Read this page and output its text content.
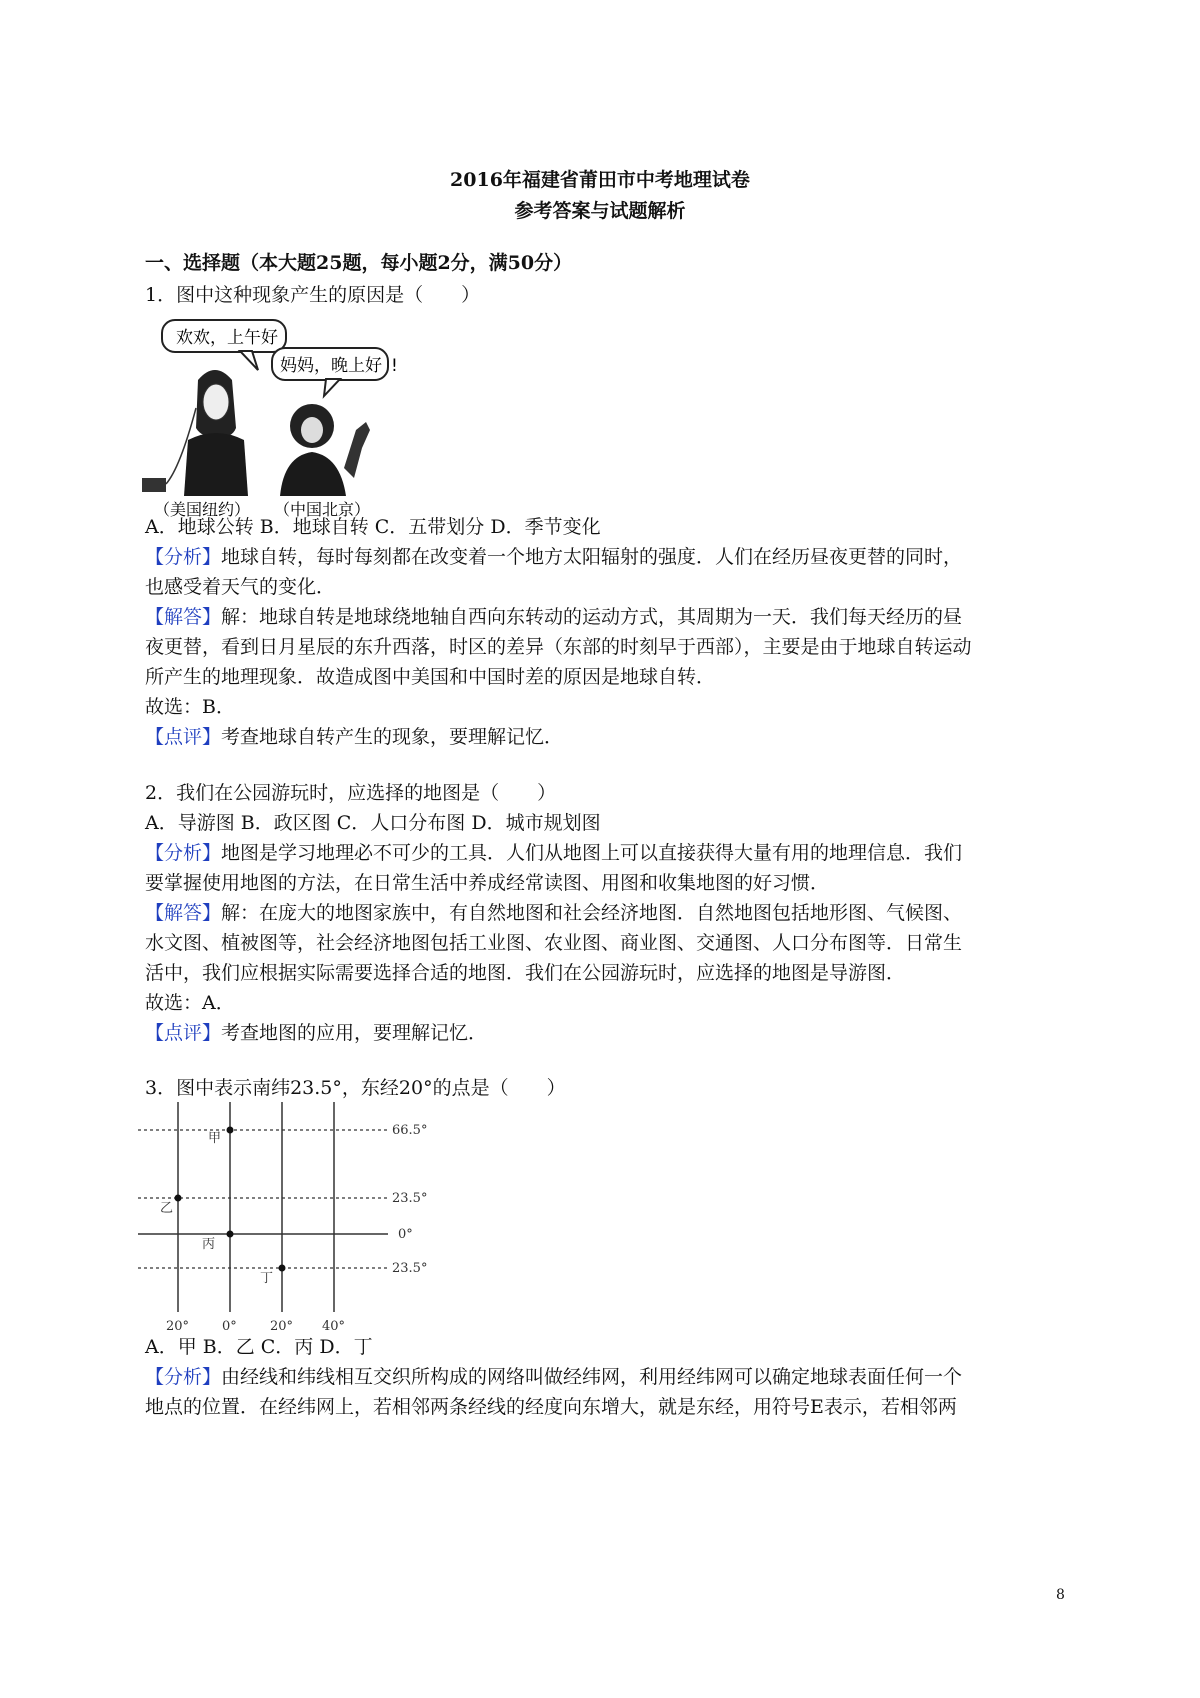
2016年福建省莆田市中考地理试卷
参考答案与试题解析
一、选择题（本大题25题，每小题2分，满50分）
1．图中这种现象产生的原因是（　　）
欢欢，上午好
妈妈，晚上好 !
（美国纽约） （中国北京）
A．地球公转 B．地球自转 C．五带划分 D．季节变化
【分析】地球自转，每时每刻都在改变着一个地方太阳辐射的强度．人们在经历昼夜更替的同时，
也感受着天气的变化．
【解答】解：地球自转是地球绕地轴自西向东转动的运动方式，其周期为一天．我们每天经历的昼
夜更替，看到日月星辰的东升西落，时区的差异（东部的时刻早于西部），主要是由于地球自转运动
所产生的地理现象．故造成图中美国和中国时差的原因是地球自转．
故选：B．
【点评】考查地球自转产生的现象，要理解记忆．
2．我们在公园游玩时，应选择的地图是（　　）
A．导游图 B．政区图 C．人口分布图 D．城市规划图
【分析】地图是学习地理必不可少的工具．人们从地图上可以直接获得大量有用的地理信息．我们
要掌握使用地图的方法，在日常生活中养成经常读图、用图和收集地图的好习惯．
【解答】解：在庞大的地图家族中，有自然地图和社会经济地图．自然地图包括地形图、气候图、
水文图、植被图等，社会经济地图包括工业图、农业图、商业图、交通图、人口分布图等．日常生
活中，我们应根据实际需要选择合适的地图．我们在公园游玩时，应选择的地图是导游图．
故选：A．
【点评】考查地图的应用，要理解记忆．
3．图中表示南纬23.5°，东经20°的点是（　　）
甲
乙
丙
丁
66.5°
23.5°
0°
23.5°
20°	0°	20° 40°
A．甲 B．乙 C．丙 D．丁
【分析】由经线和纬线相互交织所构成的网络叫做经纬网，利用经纬网可以确定地球表面任何一个
地点的位置．在经纬网上，若相邻两条经线的经度向东增大，就是东经，用符号E表示，若相邻两
8
